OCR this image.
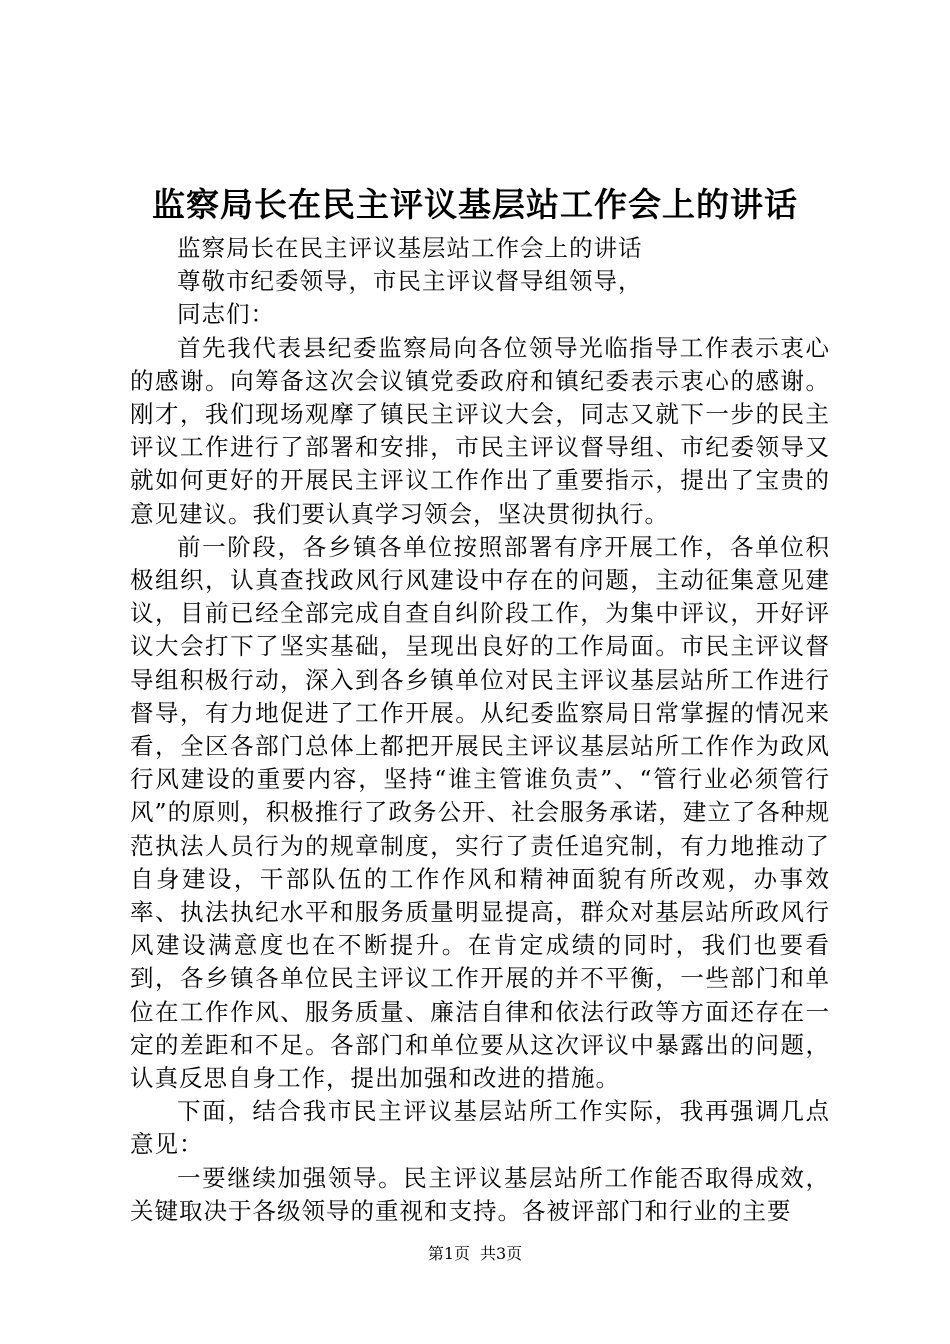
监察局长在民主评议基层站工作会上的讲话

监察局长在民主评议基层站工作会上的讲话

尊敬市纪委领导，市民主评议督导组领导，

同志们：

首先我代表县纪委监察局向各位领导光临指导工作表示衷心的感谢。向筹备这次会议镇党委政府和镇纪委表示衷心的感谢。刚才，我们现场观摩了镇民主评议大会，同志又就下一步的民主评议工作进行了部署和安排，市民主评议督导组、市纪委领导又就如何更好的开展民主评议工作作出了重要指示，提出了宝贵的意见建议。我们要认真学习领会，坚决贯彻执行。

前一阶段，各乡镇各单位按照部署有序开展工作，各单位积极组织，认真查找政风行风建设中存在的问题，主动征集意见建议，目前已经全部完成自查自纠阶段工作，为集中评议，开好评议大会打下了坚实基础，呈现出良好的工作局面。市民主评议督导组积极行动，深入到各乡镇单位对民主评议基层站所工作进行督导，有力地促进了工作开展。从纪委监察局日常掌握的情况来看，全区各部门总体上都把开展民主评议基层站所工作作为政风行风建设的重要内容，坚持“谁主管谁负责”、“管行业必须管行风”的原则，积极推行了政务公开、社会服务承诺，建立了各种规范执法人员行为的规章制度，实行了责任追究制，有力地推动了自身建设，干部队伍的工作作风和精神面貌有所改观，办事效率、执法执纪水平和服务质量明显提高，群众对基层站所政风行风建设满意度也在不断提升。在肯定成绩的同时，我们也要看到，各乡镇各单位民主评议工作开展的并不平衡，一些部门和单位在工作作风、服务质量、廉洁自律和依法行政等方面还存在一定的差距和不足。各部门和单位要从这次评议中暴露出的问题，认真反思自身工作，提出加强和改进的措施。

下面，结合我市民主评议基层站所工作实际，我再强调几点意见：

一要继续加强领导。民主评议基层站所工作能否取得成效，关键取决于各级领导的重视和支持。各被评部门和行业的主要

第1页 共3页
